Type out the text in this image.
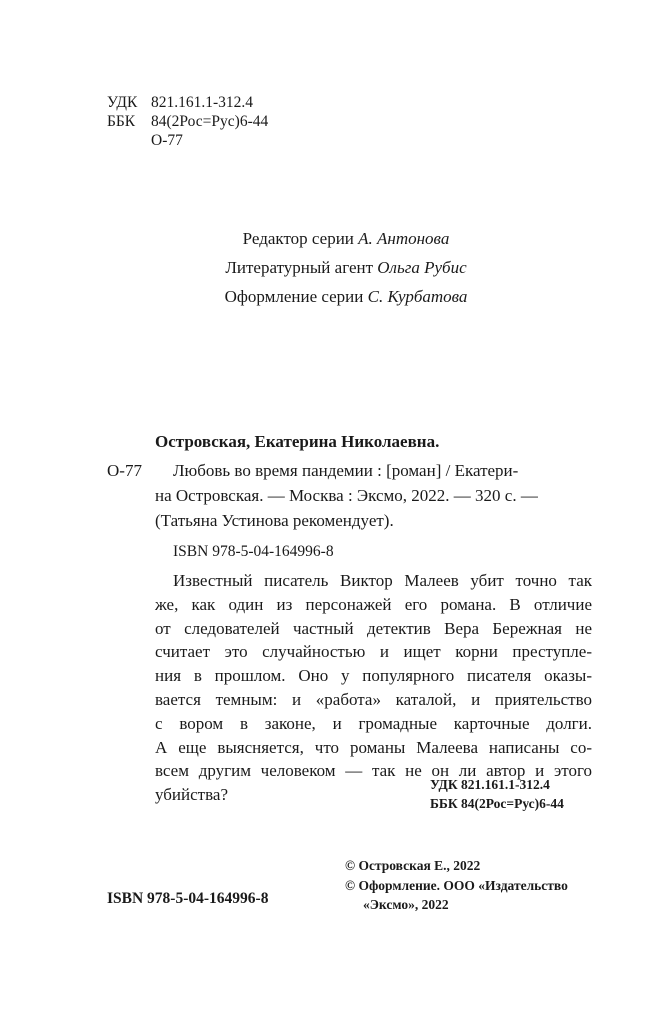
УДК 821.161.1-312.4
ББК	84(2Рос=Рус)6-44
О-77
Редактор серии А. Антонова
Литературный агент Ольга Рубис
Оформление серии С. Курбатова
Островская, Екатерина Николаевна.
О-77 Любовь во время пандемии : [роман] / Екатери-
на Островская. — Москва : Эксмо, 2022. — 320 с. —
(Татьяна Устинова рекомендует).
ISBN 978-5-04-164996-8
Известный писатель Виктор Малеев убит точно так
же, как один из персонажей его романа. В отличие
от следователей частный детектив Вера Бережная не
считает это случайностью и ищет корни преступле-
ния в прошлом. Оно у популярного писателя оказы-
вается темным: и «работа» каталой, и приятельство
с вором в законе, и громадные карточные долги.
А еще выясняется, что романы Малеева написаны со-
всем другим человеком — так не он ли автор и этого
убийства?
УДК 821.161.1-312.4
ББК 84(2Рос=Рус)6-44
© Островская Е., 2022
© Оформление. ООО «Издательство
«Эксмо», 2022
ISBN 978-5-04-164996-8
